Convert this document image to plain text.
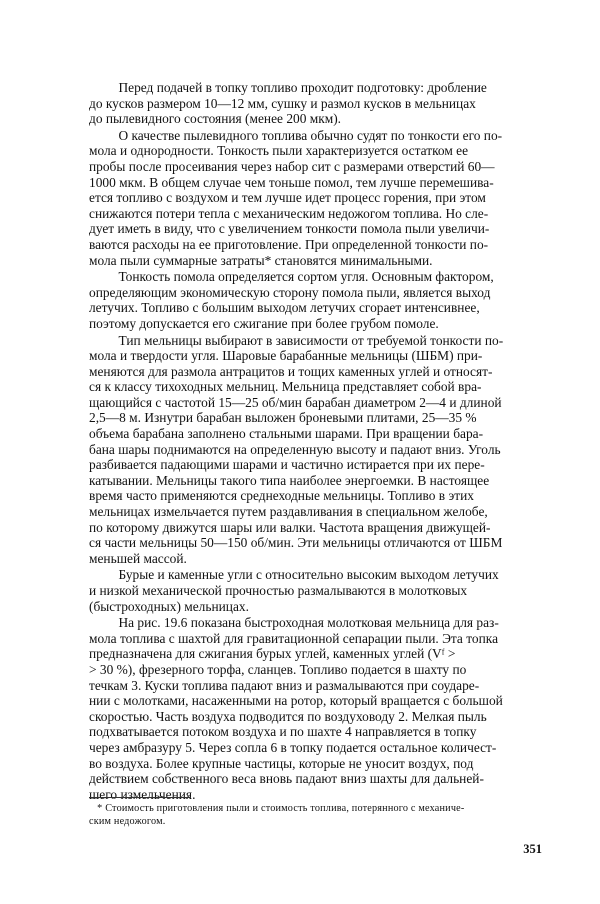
Перед подачей в топку топливо проходит подготовку: дробление
до кусков размером 10—12 мм, сушку и размол кусков в мельницах
до пылевидного состояния (менее 200 мкм).

О качестве пылевидного топлива обычно судят по тонкости его по-
мола и однородности. Тонкость пыли характеризуется остатком ее
пробы после просеивания через набор сит с размерами отверстий 60—
1000 мкм. В общем случае чем тоньше помол, тем лучше перемешива-
ется топливо с воздухом и тем лучше идет процесс горения, при этом
снижаются потери тепла с механическим недожогом топлива. Но сле-
дует иметь в виду, что с увеличением тонкости помола пыли увеличи-
ваются расходы на ее приготовление. При определенной тонкости по-
мола пыли суммарные затраты* становятся минимальными.

Тонкость помола определяется сортом угля. Основным фактором,
определяющим экономическую сторону помола пыли, является выход
летучих. Топливо с большим выходом летучих сгорает интенсивнее,
поэтому допускается его сжигание при более грубом помоле.

Тип мельницы выбирают в зависимости от требуемой тонкости по-
мола и твердости угля. Шаровые барабанные мельницы (ШБМ) при-
меняются для размола антрацитов и тощих каменных углей и относят-
ся к классу тихоходных мельниц. Мельница представляет собой вра-
щающийся с частотой 15—25 об/мин барабан диаметром 2—4 и длиной
2,5—8 м. Изнутри барабан выложен броневыми плитами, 25—35 %
объема барабана заполнено стальными шарами. При вращении бара-
бана шары поднимаются на определенную высоту и падают вниз. Уголь
разбивается падающими шарами и частично истирается при их пере-
катывании. Мельницы такого типа наиболее энергоемки. В настоящее
время часто применяются среднеходные мельницы. Топливо в этих
мельницах измельчается путем раздавливания в специальном желобе,
по которому движутся шары или валки. Частота вращения движущей-
ся части мельницы 50—150 об/мин. Эти мельницы отличаются от ШБМ
меньшей массой.

Бурые и каменные угли с относительно высоким выходом летучих
и низкой механической прочностью размалываются в молотковых
(быстроходных) мельницах.

На рис. 19.6 показана быстроходная молотковая мельница для раз-
мола топлива с шахтой для гравитационной сепарации пыли. Эта топка
предназначена для сжигания бурых углей, каменных углей (Vᶠ >
> 30 %), фрезерного торфа, сланцев. Топливо подается в шахту по
течкам 3. Куски топлива падают вниз и размалываются при соударе-
нии с молотками, насаженными на ротор, который вращается с большой
скоростью. Часть воздуха подводится по воздуховоду 2. Мелкая пыль
подхватывается потоком воздуха и по шахте 4 направляется в топку
через амбразуру 5. Через сопла 6 в топку подается остальное количест-
во воздуха. Более крупные частицы, которые не уносит воздух, под
действием собственного веса вновь падают вниз шахты для дальней-
шего измельчения.

* Стоимость приготовления пыли и стоимость топлива, потерянного с механиче-
ским недожогом.
351
